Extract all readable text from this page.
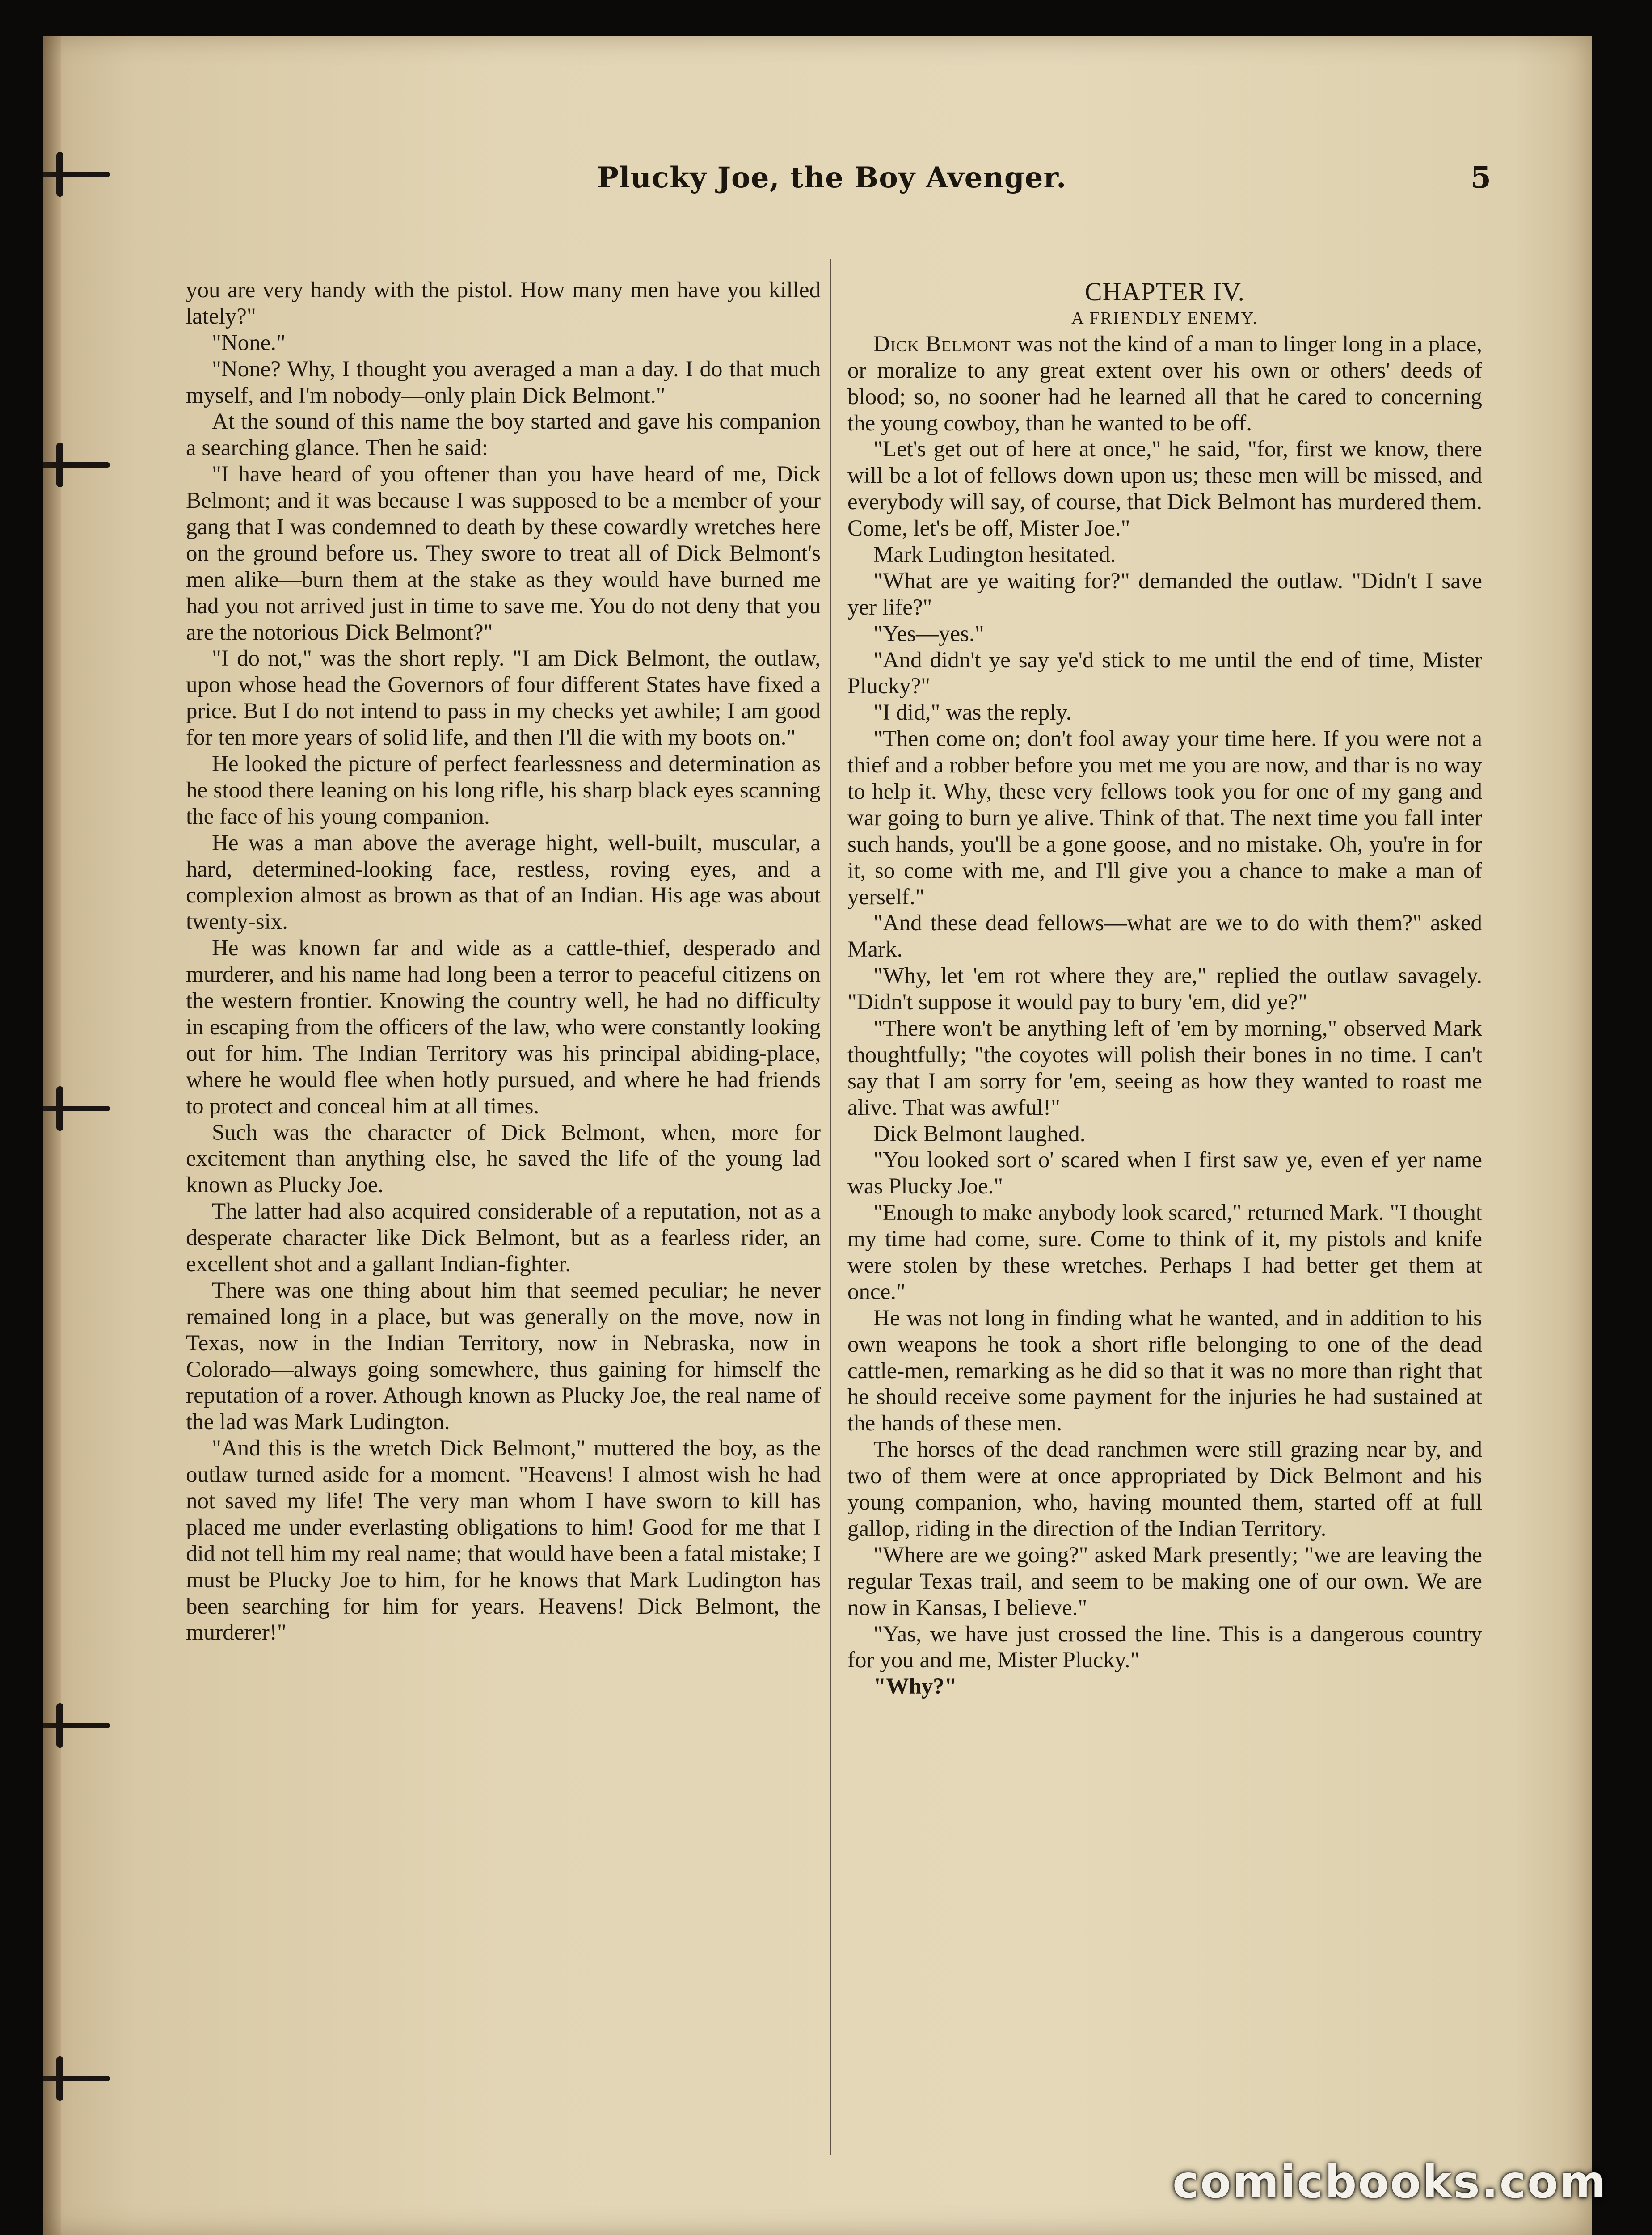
Plucky Joe, the Boy Avenger.	5

you are very handy with the pistol. How many men have you killed lately?"

"None."

"None? Why, I thought you averaged a man a day. I do that much myself, and I'm nobody—only plain Dick Belmont."

At the sound of this name the boy started and gave his companion a searching glance. Then he said:

"I have heard of you oftener than you have heard of me, Dick Belmont; and it was because I was supposed to be a member of your gang that I was condemned to death by these cowardly wretches here on the ground before us. They swore to treat all of Dick Belmont's men alike—burn them at the stake as they would have burned me had you not arrived just in time to save me. You do not deny that you are the notorious Dick Belmont?"

"I do not," was the short reply. "I am Dick Belmont, the outlaw, upon whose head the Governors of four different States have fixed a price. But I do not intend to pass in my checks yet awhile; I am good for ten more years of solid life, and then I'll die with my boots on."

He looked the picture of perfect fearlessness and determination as he stood there leaning on his long rifle, his sharp black eyes scanning the face of his young companion.

He was a man above the average hight, well-built, muscular, a hard, determined-looking face, restless, roving eyes, and a complexion almost as brown as that of an Indian. His age was about twenty-six.

He was known far and wide as a cattle-thief, desperado and murderer, and his name had long been a terror to peaceful citizens on the western frontier. Knowing the country well, he had no difficulty in escaping from the officers of the law, who were constantly looking out for him. The Indian Territory was his principal abiding-place, where he would flee when hotly pursued, and where he had friends to protect and conceal him at all times.

Such was the character of Dick Belmont, when, more for excitement than anything else, he saved the life of the young lad known as Plucky Joe.

The latter had also acquired considerable of a reputation, not as a desperate character like Dick Belmont, but as a fearless rider, an excellent shot and a gallant Indian-fighter.

There was one thing about him that seemed peculiar; he never remained long in a place, but was generally on the move, now in Texas, now in the Indian Territory, now in Nebraska, now in Colorado—always going somewhere, thus gaining for himself the reputation of a rover. Athough known as Plucky Joe, the real name of the lad was Mark Ludington.

"And this is the wretch Dick Belmont," muttered the boy, as the outlaw turned aside for a moment. "Heavens! I almost wish he had not saved my life! The very man whom I have sworn to kill has placed me under everlasting obligations to him! Good for me that I did not tell him my real name; that would have been a fatal mistake; I must be Plucky Joe to him, for he knows that Mark Ludington has been searching for him for years. Heavens! Dick Belmont, the murderer!"

CHAPTER IV.
A FRIENDLY ENEMY.

Dick Belmont was not the kind of a man to linger long in a place, or moralize to any great extent over his own or others' deeds of blood; so, no sooner had he learned all that he cared to concerning the young cowboy, than he wanted to be off.

"Let's get out of here at once," he said, "for, first we know, there will be a lot of fellows down upon us; these men will be missed, and everybody will say, of course, that Dick Belmont has murdered them. Come, let's be off, Mister Joe."

Mark Ludington hesitated.

"What are ye waiting for?" demanded the outlaw. "Didn't I save yer life?"

"Yes—yes."

"And didn't ye say ye'd stick to me until the end of time, Mister Plucky?"

"I did," was the reply.

"Then come on; don't fool away your time here. If you were not a thief and a robber before you met me you are now, and thar is no way to help it. Why, these very fellows took you for one of my gang and war going to burn ye alive. Think of that. The next time you fall inter such hands, you'll be a gone goose, and no mistake. Oh, you're in for it, so come with me, and I'll give you a chance to make a man of yerself."

"And these dead fellows—what are we to do with them?" asked Mark.

"Why, let 'em rot where they are," replied the outlaw savagely. "Didn't suppose it would pay to bury 'em, did ye?"

"There won't be anything left of 'em by morning," observed Mark thoughtfully; "the coyotes will polish their bones in no time. I can't say that I am sorry for 'em, seeing as how they wanted to roast me alive. That was awful!"

Dick Belmont laughed.

"You looked sort o' scared when I first saw ye, even ef yer name was Plucky Joe."

"Enough to make anybody look scared," returned Mark. "I thought my time had come, sure. Come to think of it, my pistols and knife were stolen by these wretches. Perhaps I had better get them at once."

He was not long in finding what he wanted, and in addition to his own weapons he took a short rifle belonging to one of the dead cattle-men, remarking as he did so that it was no more than right that he should receive some payment for the injuries he had sustained at the hands of these men.

The horses of the dead ranchmen were still grazing near by, and two of them were at once appropriated by Dick Belmont and his young companion, who, having mounted them, started off at full gallop, riding in the direction of the Indian Territory.

"Where are we going?" asked Mark presently; "we are leaving the regular Texas trail, and seem to be making one of our own. We are now in Kansas, I believe."

"Yas, we have just crossed the line. This is a dangerous country for you and me, Mister Plucky."

"Why?"

comicbooks.com
